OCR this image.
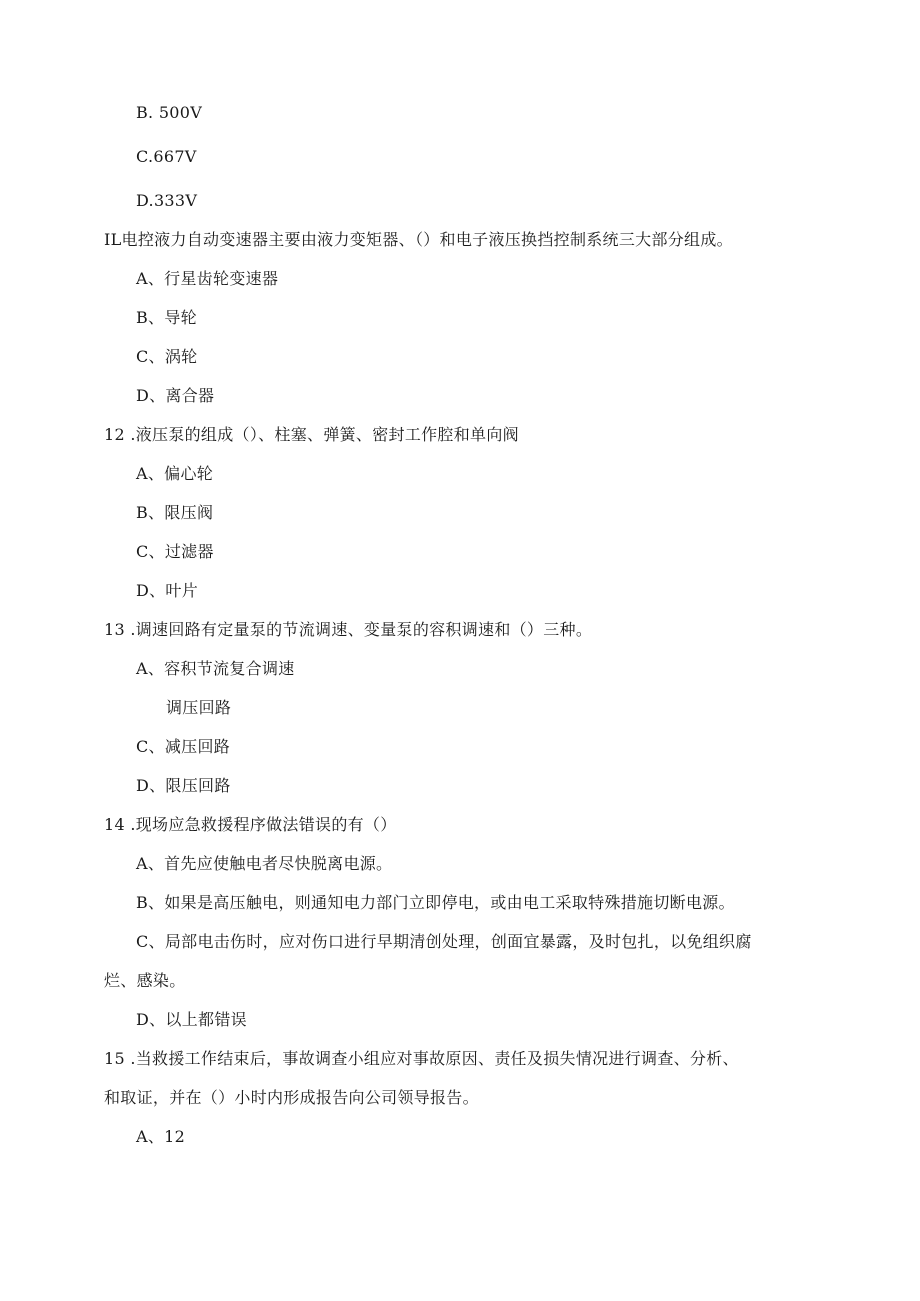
B. 500V
C.667V
D.333V
IL电控液力自动变速器主要由液力变矩器、（）和电子液压换挡控制系统三大部分组成。
A、行星齿轮变速器
B、导轮
C、涡轮
D、离合器
12 .液压泵的组成（）、柱塞、弹簧、密封工作腔和单向阀
A、偏心轮
B、限压阀
C、过滤器
D、叶片
13 .调速回路有定量泵的节流调速、变量泵的容积调速和（）三种。
A、容积节流复合调速
调压回路
C、减压回路
D、限压回路
14 .现场应急救援程序做法错误的有（）
A、首先应使触电者尽快脱离电源。
B、如果是高压触电，则通知电力部门立即停电，或由电工采取特殊措施切断电源。
C、局部电击伤时，应对伤口进行早期清创处理，创面宜暴露，及时包扎，以免组织腐
烂、感染。
D、以上都错误
15 .当救援工作结束后，事故调查小组应对事故原因、责任及损失情况进行调查、分析、
和取证，并在（）小时内形成报告向公司领导报告。
A、12
